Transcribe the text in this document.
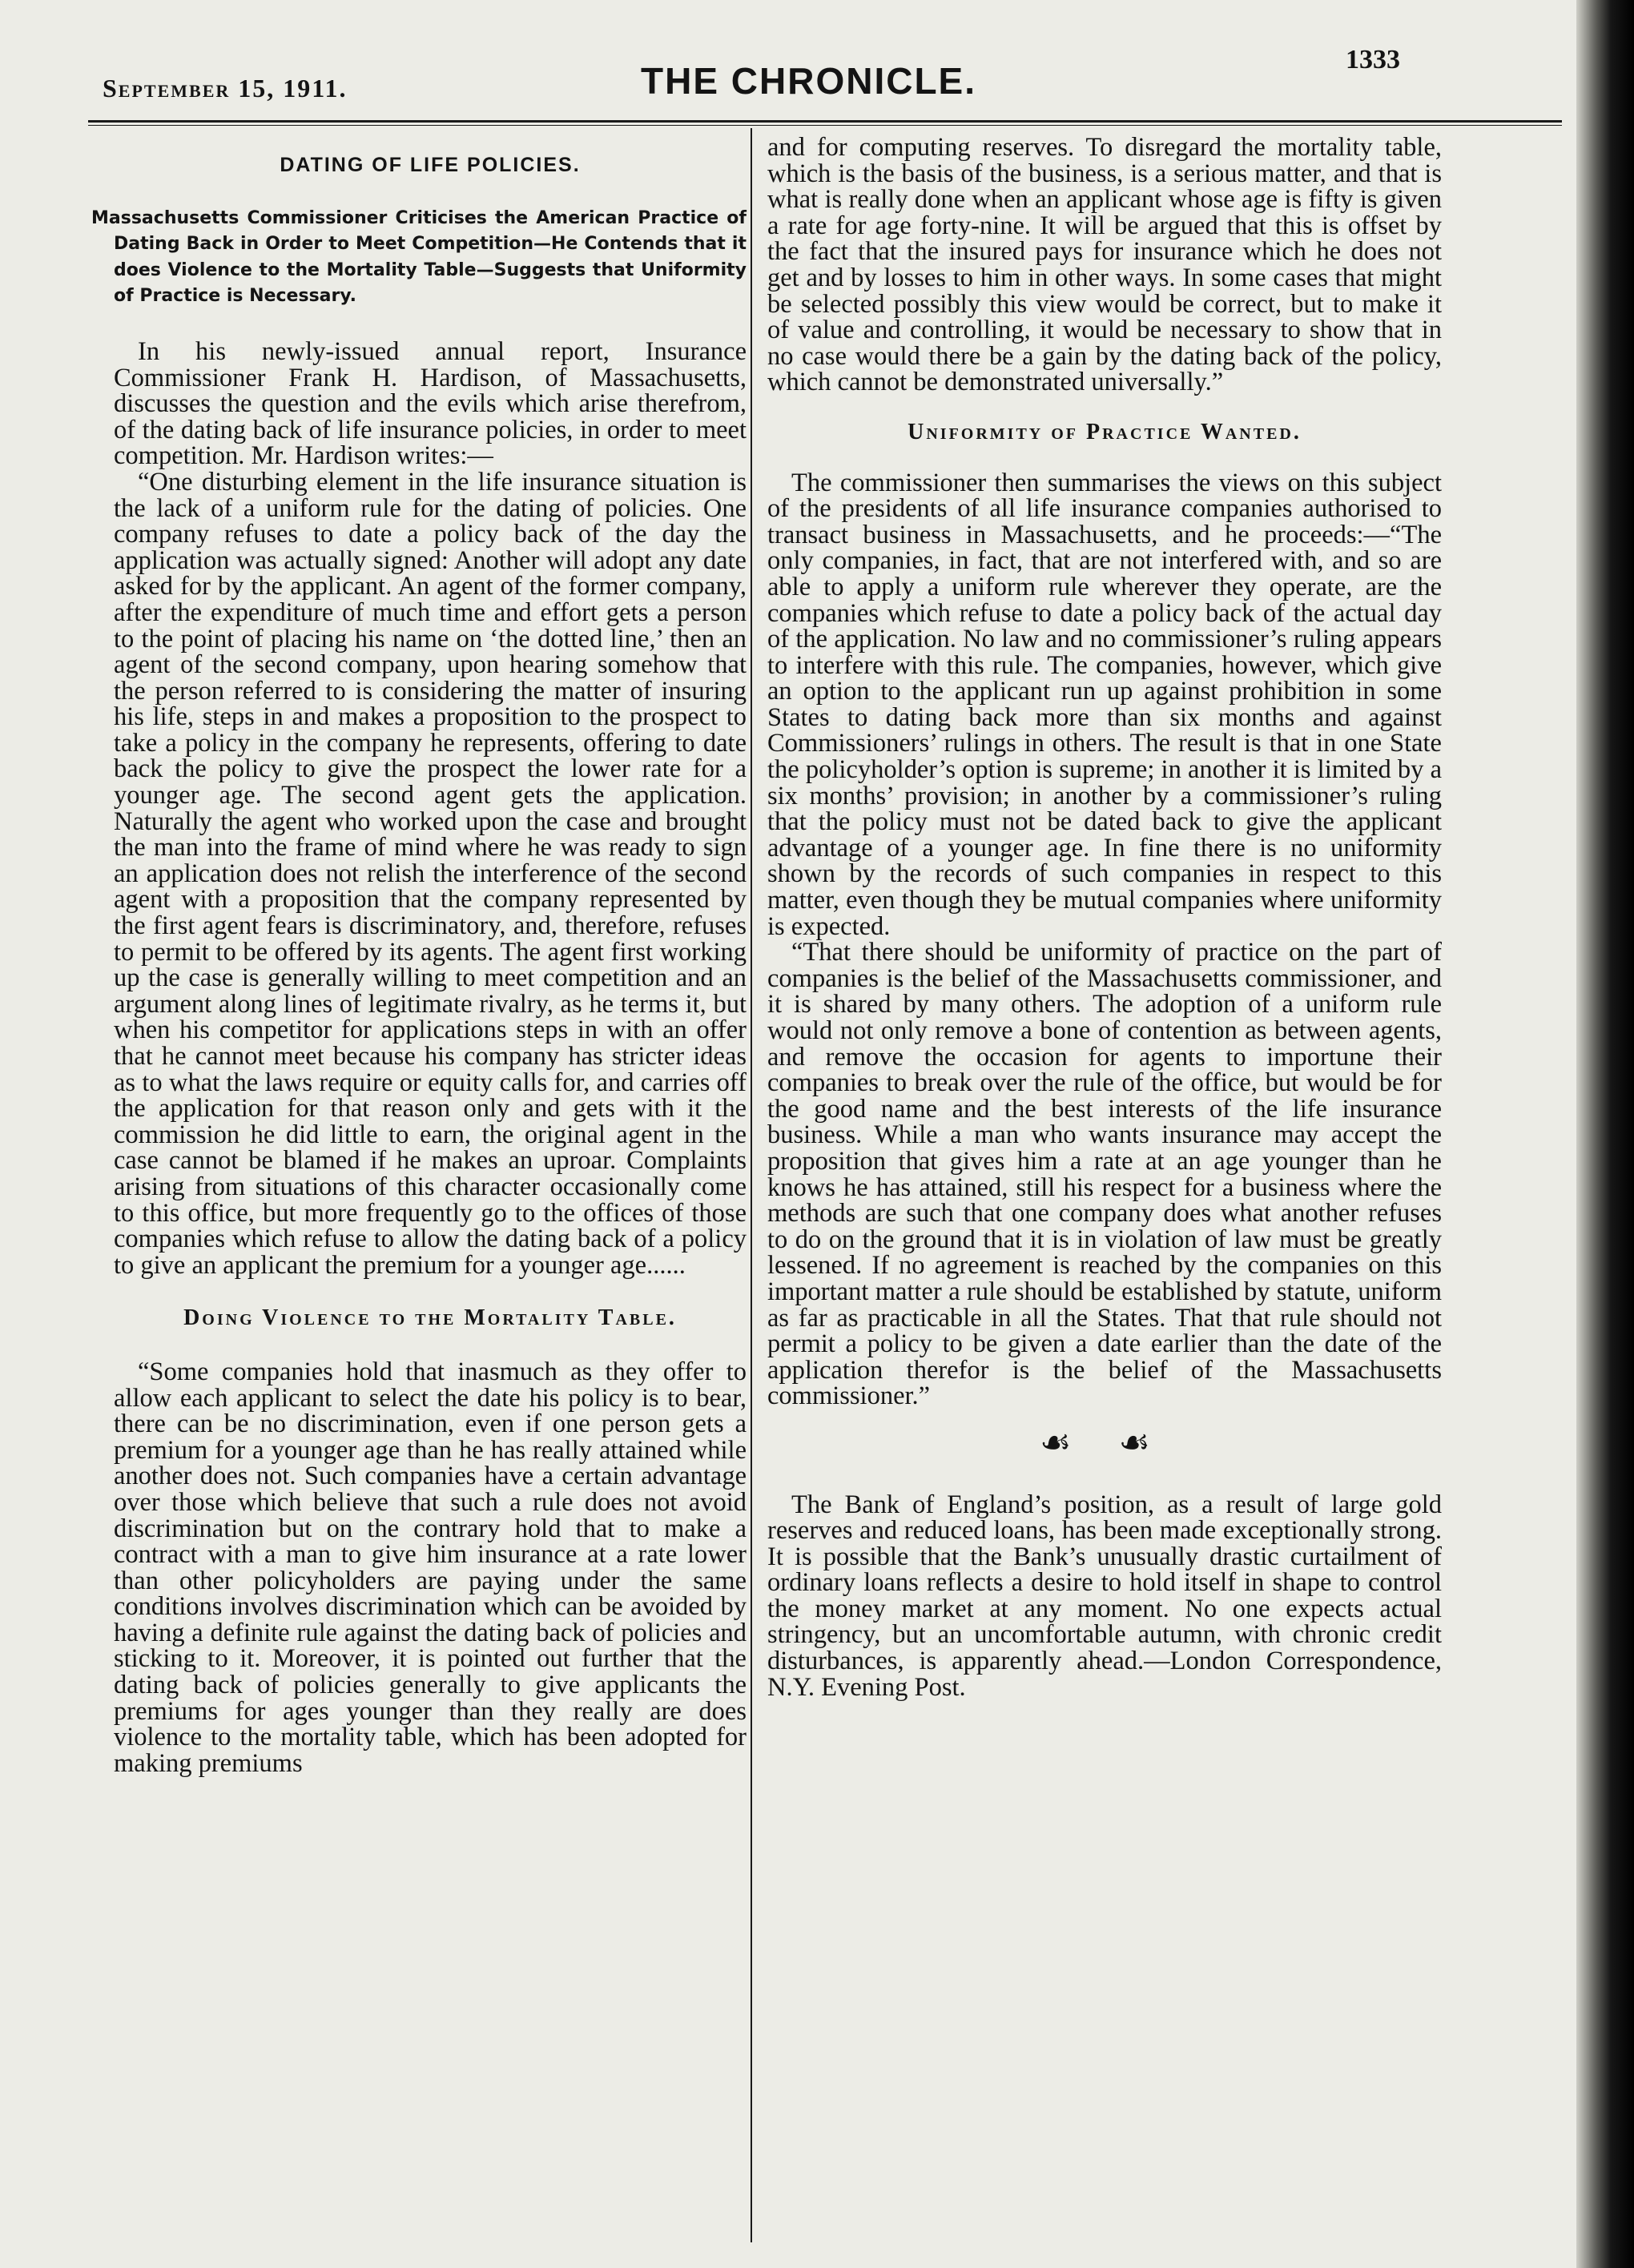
September 15, 1911.	THE CHRONICLE.
1333
DATING OF LIFE POLICIES.

Massachusetts Commissioner Criticises the American Practice of Dating Back in Order to Meet Competition—He Contends that it does Violence to the Mortality Table—Suggests that Uniformity of Practice is Necessary.

In his newly-issued annual report, Insurance Commissioner Frank H. Hardison, of Massachusetts, discusses the question and the evils which arise therefrom, of the dating back of life insurance policies, in order to meet competition. Mr. Hardison writes:—

“One disturbing element in the life insurance situation is the lack of a uniform rule for the dating of policies. One company refuses to date a policy back of the day the application was actually signed: Another will adopt any date asked for by the applicant. An agent of the former company, after the expenditure of much time and effort gets a person to the point of placing his name on ‘the dotted line,’ then an agent of the second company, upon hearing somehow that the person referred to is considering the matter of insuring his life, steps in and makes a proposition to the prospect to take a policy in the company he represents, offering to date back the policy to give the prospect the lower rate for a younger age. The second agent gets the application. Naturally the agent who worked upon the case and brought the man into the frame of mind where he was ready to sign an application does not relish the interference of the second agent with a proposition that the company represented by the first agent fears is discriminatory, and, therefore, refuses to permit to be offered by its agents. The agent first working up the case is generally willing to meet competition and an argument along lines of legitimate rivalry, as he terms it, but when his competitor for applications steps in with an offer that he cannot meet because his company has stricter ideas as to what the laws require or equity calls for, and carries off the application for that reason only and gets with it the commission he did little to earn, the original agent in the case cannot be blamed if he makes an uproar. Complaints arising from situations of this character occasionally come to this office, but more frequently go to the offices of those companies which refuse to allow the dating back of a policy to give an applicant the premium for a younger age......

Doing Violence to the Mortality Table.

“Some companies hold that inasmuch as they offer to allow each applicant to select the date his policy is to bear, there can be no discrimination, even if one person gets a premium for a younger age than he has really attained while another does not. Such companies have a certain advantage over those which believe that such a rule does not avoid discrimination but on the contrary hold that to make a contract with a man to give him insurance at a rate lower than other policyholders are paying under the same conditions involves discrimination which can be avoided by having a definite rule against the dating back of policies and sticking to it. Moreover, it is pointed out further that the dating back of policies generally to give applicants the premiums for ages younger than they really are does violence to the mortality table, which has been adopted for making premiums

and for computing reserves. To disregard the mortality table, which is the basis of the business, is a serious matter, and that is what is really done when an applicant whose age is fifty is given a rate for age forty-nine. It will be argued that this is offset by the fact that the insured pays for insurance which he does not get and by losses to him in other ways. In some cases that might be selected possibly this view would be correct, but to make it of value and controlling, it would be necessary to show that in no case would there be a gain by the dating back of the policy, which cannot be demonstrated universally.”

Uniformity of Practice Wanted.

The commissioner then summarises the views on this subject of the presidents of all life insurance companies authorised to transact business in Massachusetts, and he proceeds:—“The only companies, in fact, that are not interfered with, and so are able to apply a uniform rule wherever they operate, are the companies which refuse to date a policy back of the actual day of the application. No law and no commissioner’s ruling appears to interfere with this rule. The companies, however, which give an option to the applicant run up against prohibition in some States to dating back more than six months and against Commissioners’ rulings in others. The result is that in one State the policyholder’s option is supreme; in another it is limited by a six months’ provision; in another by a commissioner’s ruling that the policy must not be dated back to give the applicant advantage of a younger age. In fine there is no uniformity shown by the records of such companies in respect to this matter, even though they be mutual companies where uniformity is expected.

“That there should be uniformity of practice on the part of companies is the belief of the Massachusetts commissioner, and it is shared by many others. The adoption of a uniform rule would not only remove a bone of contention as between agents, and remove the occasion for agents to importune their companies to break over the rule of the office, but would be for the good name and the best interests of the life insurance business. While a man who wants insurance may accept the proposition that gives him a rate at an age younger than he knows he has attained, still his respect for a business where the methods are such that one company does what another refuses to do on the ground that it is in violation of law must be greatly lessened. If no agreement is reached by the companies on this important matter a rule should be established by statute, uniform as far as practicable in all the States. That that rule should not permit a policy to be given a date earlier than the date of the application therefor is the belief of the Massachusetts commissioner.”

☙ ☙

The Bank of England’s position, as a result of large gold reserves and reduced loans, has been made exceptionally strong. It is possible that the Bank’s unusually drastic curtailment of ordinary loans reflects a desire to hold itself in shape to control the money market at any moment. No one expects actual stringency, but an uncomfortable autumn, with chronic credit disturbances, is apparently ahead.—London Correspondence, N.Y. Evening Post.
